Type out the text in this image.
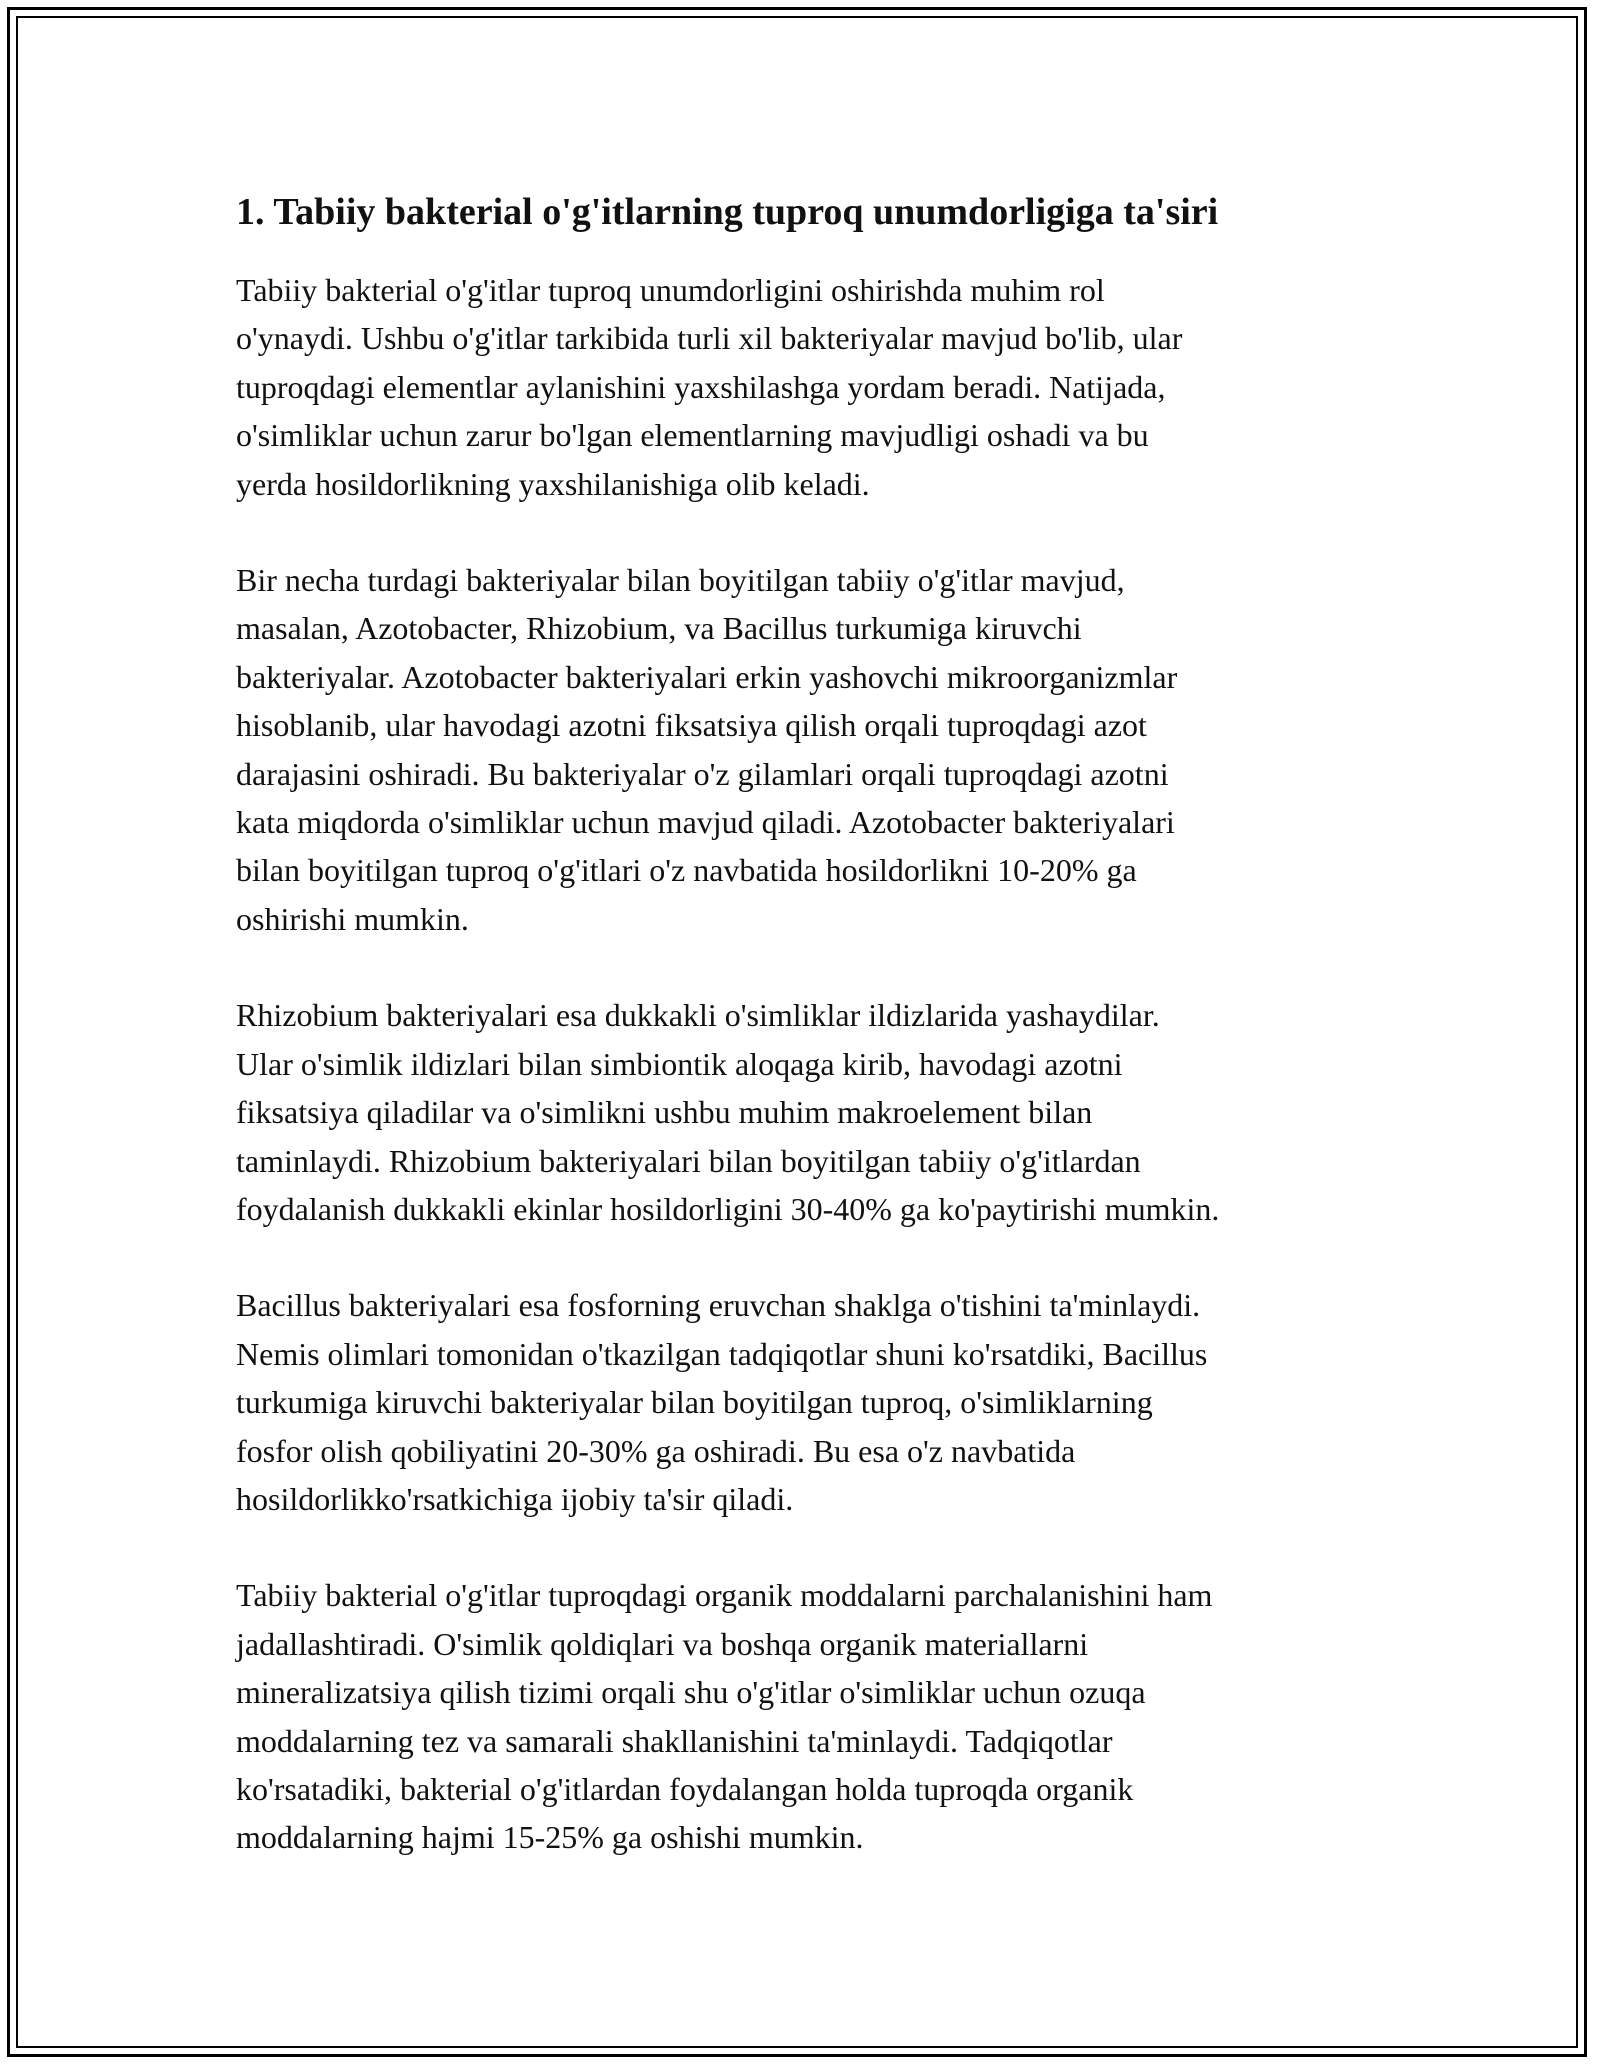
1. Tabiiy bakterial o'g'itlarning tuproq unumdorligiga ta'siri

Tabiiy bakterial o'g'itlar tuproq unumdorligini oshirishda muhim rol
o'ynaydi. Ushbu o'g'itlar tarkibida turli xil bakteriyalar mavjud bo'lib, ular
tuproqdagi elementlar aylanishini yaxshilashga yordam beradi. Natijada,
o'simliklar uchun zarur bo'lgan elementlarning mavjudligi oshadi va bu
yerda hosildorlikning yaxshilanishiga olib keladi.

Bir necha turdagi bakteriyalar bilan boyitilgan tabiiy o'g'itlar mavjud,
masalan, Azotobacter, Rhizobium, va Bacillus turkumiga kiruvchi
bakteriyalar. Azotobacter bakteriyalari erkin yashovchi mikroorganizmlar
hisoblanib, ular havodagi azotni fiksatsiya qilish orqali tuproqdagi azot
darajasini oshiradi. Bu bakteriyalar o'z gilamlari orqali tuproqdagi azotni
kata miqdorda o'simliklar uchun mavjud qiladi. Azotobacter bakteriyalari
bilan boyitilgan tuproq o'g'itlari o'z navbatida hosildorlikni 10-20% ga
oshirishi mumkin.

Rhizobium bakteriyalari esa dukkakli o'simliklar ildizlarida yashaydilar.
Ular o'simlik ildizlari bilan simbiontik aloqaga kirib, havodagi azotni
fiksatsiya qiladilar va o'simlikni ushbu muhim makroelement bilan
taminlaydi. Rhizobium bakteriyalari bilan boyitilgan tabiiy o'g'itlardan
foydalanish dukkakli ekinlar hosildorligini 30-40% ga ko'paytirishi mumkin.

Bacillus bakteriyalari esa fosforning eruvchan shaklga o'tishini ta'minlaydi.
Nemis olimlari tomonidan o'tkazilgan tadqiqotlar shuni ko'rsatdiki, Bacillus
turkumiga kiruvchi bakteriyalar bilan boyitilgan tuproq, o'simliklarning
fosfor olish qobiliyatini 20-30% ga oshiradi. Bu esa o'z navbatida
hosildorlikko'rsatkichiga ijobiy ta'sir qiladi.

Tabiiy bakterial o'g'itlar tuproqdagi organik moddalarni parchalanishini ham
jadallashtiradi. O'simlik qoldiqlari va boshqa organik materiallarni
mineralizatsiya qilish tizimi orqali shu o'g'itlar o'simliklar uchun ozuqa
moddalarning tez va samarali shakllanishini ta'minlaydi. Tadqiqotlar
ko'rsatadiki, bakterial o'g'itlardan foydalangan holda tuproqda organik
moddalarning hajmi 15-25% ga oshishi mumkin.
